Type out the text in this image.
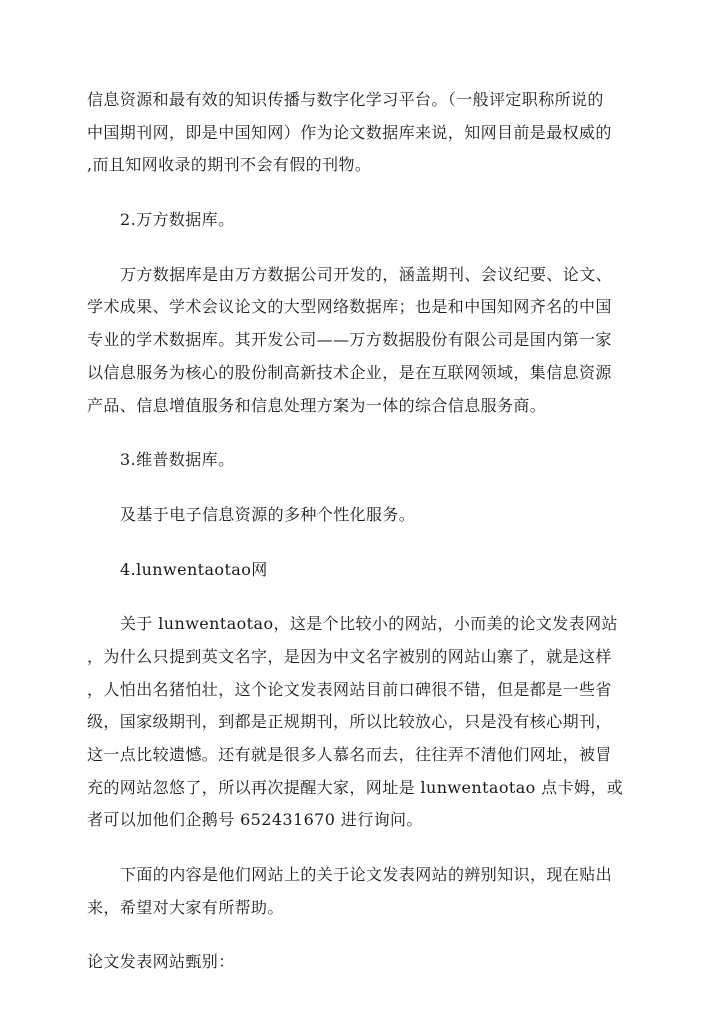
信息资源和最有效的知识传播与数字化学习平台。（一般评定职称所说的
中国期刊网，即是中国知网）作为论文数据库来说，知网目前是最权威的
,而且知网收录的期刊不会有假的刊物。
2.万方数据库。
万方数据库是由万方数据公司开发的，涵盖期刊、会议纪要、论文、
学术成果、学术会议论文的大型网络数据库；也是和中国知网齐名的中国
专业的学术数据库。其开发公司——万方数据股份有限公司是国内第一家
以信息服务为核心的股份制高新技术企业，是在互联网领域，集信息资源
产品、信息增值服务和信息处理方案为一体的综合信息服务商。
3.维普数据库。
及基于电子信息资源的多种个性化服务。
4.lunwentaotao网
关于 lunwentaotao，这是个比较小的网站，小而美的论文发表网站
，为什么只提到英文名字，是因为中文名字被别的网站山寨了，就是这样
，人怕出名猪怕壮，这个论文发表网站目前口碑很不错，但是都是一些省
级，国家级期刊，到都是正规期刊，所以比较放心，只是没有核心期刊，
这一点比较遗憾。还有就是很多人慕名而去，往往弄不清他们网址，被冒
充的网站忽悠了，所以再次提醒大家，网址是 lunwentaotao 点卡姆，或
者可以加他们企鹅号 652431670 进行询问。
下面的内容是他们网站上的关于论文发表网站的辨别知识，现在贴出
来，希望对大家有所帮助。
论文发表网站甄别：
